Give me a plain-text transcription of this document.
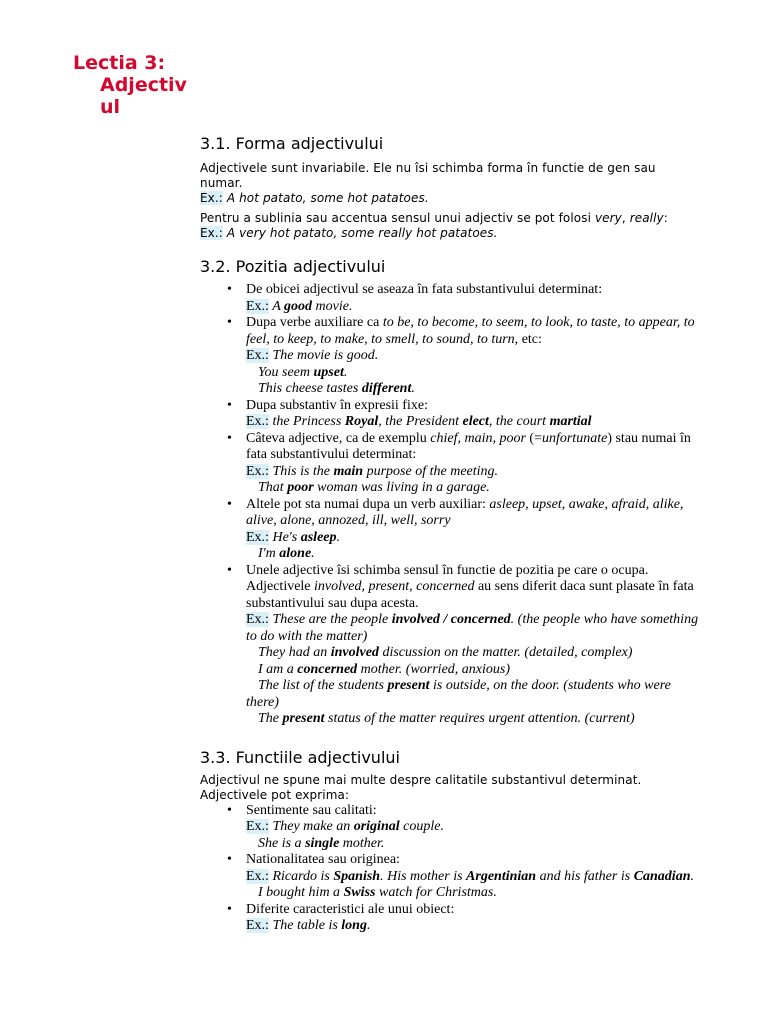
Lectia 3:
Adjectiv
ul
3.1. Forma adjectivului
Adjectivele sunt invariabile. Ele nu îsi schimba forma în functie de gen sau numar.
Ex.: A hot patato, some hot patatoes.
Pentru a sublinia sau accentua sensul unui adjectiv se pot folosi very, really:
Ex.: A very hot patato, some really hot patatoes.
3.2. Pozitia adjectivului
• De obicei adjectivul se aseaza în fata substantivului determinat:
Ex.: A good movie.
• Dupa verbe auxiliare ca to be, to become, to seem, to look, to taste, to appear, to feel, to keep, to make, to smell, to sound, to turn, etc:
Ex.: The movie is good.
You seem upset.
This cheese tastes different.
• Dupa substantiv în expresii fixe:
Ex.: the Princess Royal, the President elect, the court martial
• Câteva adjective, ca de exemplu chief, main, poor (=unfortunate) stau numai în fata substantivului determinat:
Ex.: This is the main purpose of the meeting.
That poor woman was living in a garage.
• Altele pot sta numai dupa un verb auxiliar: asleep, upset, awake, afraid, alike, alive, alone, annozed, ill, well, sorry
Ex.: He's asleep.
I'm alone.
• Unele adjective îsi schimba sensul în functie de pozitia pe care o ocupa. Adjectivele involved, present, concerned au sens diferit daca sunt plasate în fata substantivului sau dupa acesta.
Ex.: These are the people involved / concerned. (the people who have something to do with the matter)
They had an involved discussion on the matter. (detailed, complex)
I am a concerned mother. (worried, anxious)
The list of the students present is outside, on the door. (students who were there)
The present status of the matter requires urgent attention. (current)
3.3. Functiile adjectivului
Adjectivul ne spune mai multe despre calitatile substantivul determinat. Adjectivele pot exprima:
• Sentimente sau calitati:
Ex.: They make an original couple.
She is a single mother.
• Nationalitatea sau originea:
Ex.: Ricardo is Spanish. His mother is Argentinian and his father is Canadian.
I bought him a Swiss watch for Christmas.
• Diferite caracteristici ale unui obiect:
Ex.: The table is long.
